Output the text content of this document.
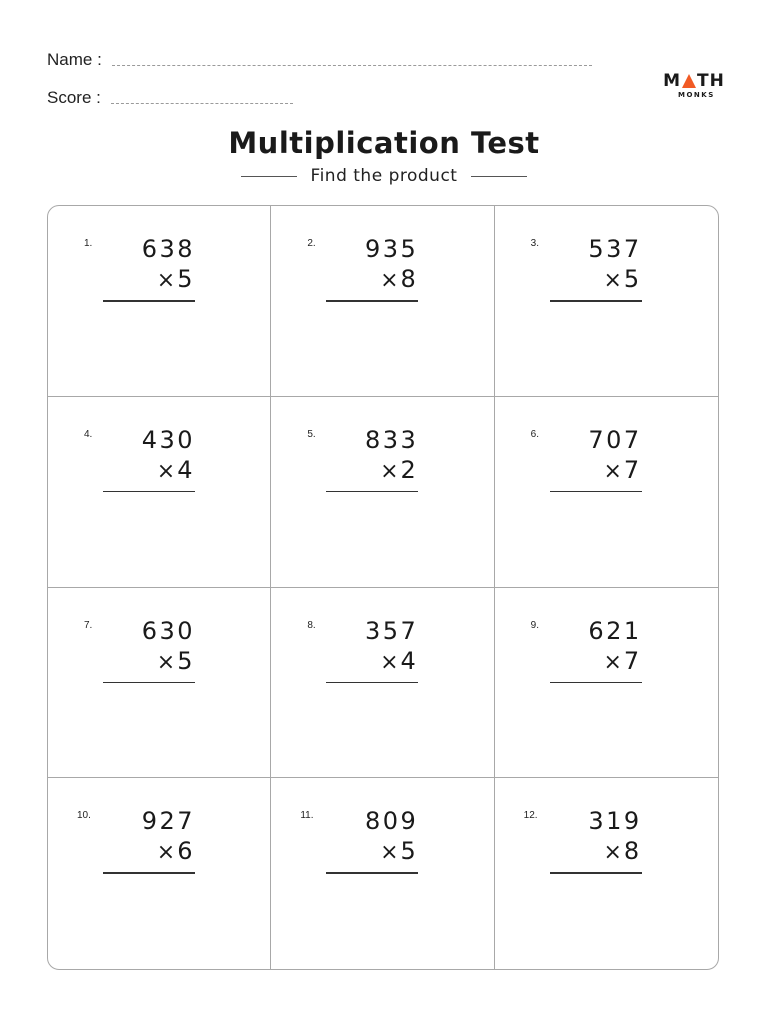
Name :
Score :
M TH
MONKS
Multiplication Test
Find the product
1.	638
×5
2.	935
×8
3.	537
×5
4.	430
×4
5.	833
×2
6.	707
×7
7.	630
×5
8.	357
×4
9.	621
×7
10.	927
×6
11.	809
×5
12.	319
×8
